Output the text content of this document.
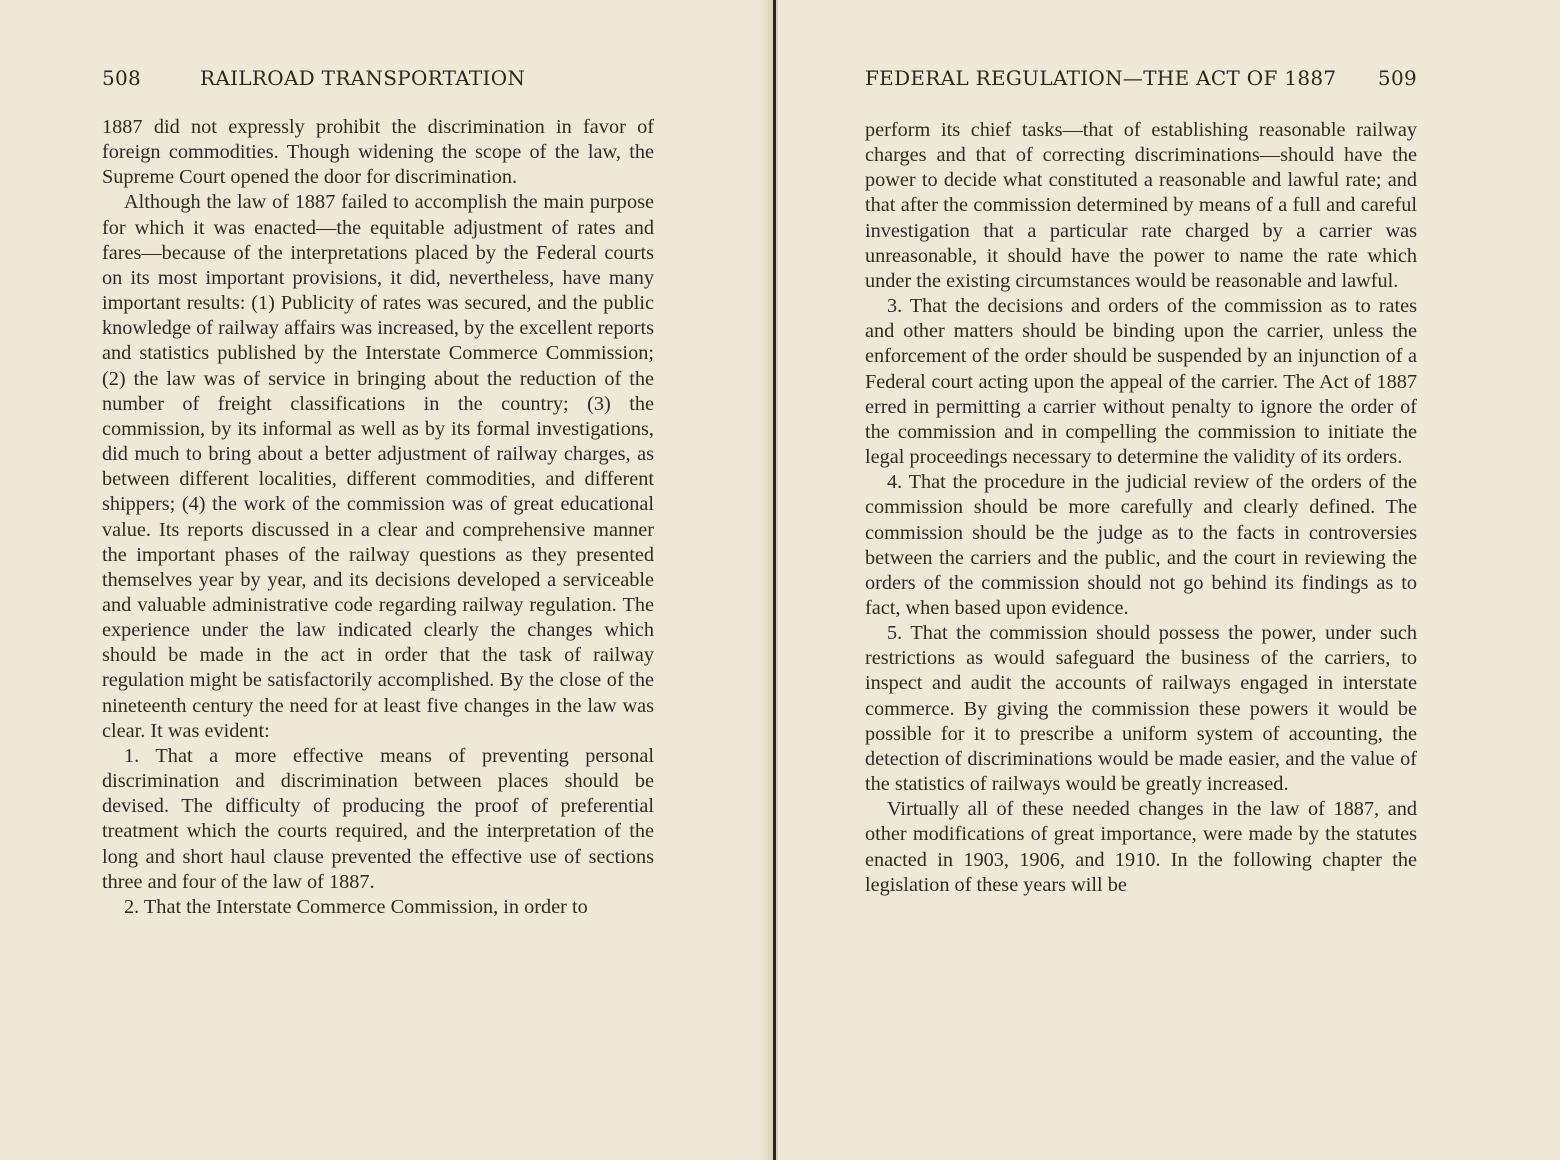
508	RAILROAD TRANSPORTATION

1887 did not expressly prohibit the discrimination in favor of foreign commodities. Though widening the scope of the law, the Supreme Court opened the door for discrimination.

Although the law of 1887 failed to accomplish the main purpose for which it was enacted—the equitable adjustment of rates and fares—because of the interpretations placed by the Federal courts on its most important provisions, it did, nevertheless, have many important results: (1) Publicity of rates was secured, and the public knowledge of railway affairs was increased, by the excellent reports and statistics published by the Interstate Commerce Commission; (2) the law was of service in bringing about the reduction of the number of freight classifications in the country; (3) the commission, by its informal as well as by its formal investigations, did much to bring about a better adjustment of railway charges, as between different localities, different commodities, and different shippers; (4) the work of the commission was of great educational value. Its reports discussed in a clear and comprehensive manner the important phases of the railway questions as they presented themselves year by year, and its decisions developed a serviceable and valuable administrative code regarding railway regulation. The experience under the law indicated clearly the changes which should be made in the act in order that the task of railway regulation might be satisfactorily accomplished. By the close of the nineteenth century the need for at least five changes in the law was clear. It was evident:

1. That a more effective means of preventing personal discrimination and discrimination between places should be devised. The difficulty of producing the proof of preferential treatment which the courts required, and the interpretation of the long and short haul clause prevented the effective use of sections three and four of the law of 1887.

2. That the Interstate Commerce Commission, in order to

FEDERAL REGULATION—THE ACT OF 1887 509

perform its chief tasks—that of establishing reasonable railway charges and that of correcting discriminations—should have the power to decide what constituted a reasonable and lawful rate; and that after the commission determined by means of a full and careful investigation that a particular rate charged by a carrier was unreasonable, it should have the power to name the rate which under the existing circumstances would be reasonable and lawful.

3. That the decisions and orders of the commission as to rates and other matters should be binding upon the carrier, unless the enforcement of the order should be suspended by an injunction of a Federal court acting upon the appeal of the carrier. The Act of 1887 erred in permitting a carrier without penalty to ignore the order of the commission and in compelling the commission to initiate the legal proceedings necessary to determine the validity of its orders.

4. That the procedure in the judicial review of the orders of the commission should be more carefully and clearly defined. The commission should be the judge as to the facts in controversies between the carriers and the public, and the court in reviewing the orders of the commission should not go behind its findings as to fact, when based upon evidence.

5. That the commission should possess the power, under such restrictions as would safeguard the business of the carriers, to inspect and audit the accounts of railways engaged in interstate commerce. By giving the commission these powers it would be possible for it to prescribe a uniform system of accounting, the detection of discriminations would be made easier, and the value of the statistics of railways would be greatly increased.

Virtually all of these needed changes in the law of 1887, and other modifications of great importance, were made by the statutes enacted in 1903, 1906, and 1910. In the following chapter the legislation of these years will be
